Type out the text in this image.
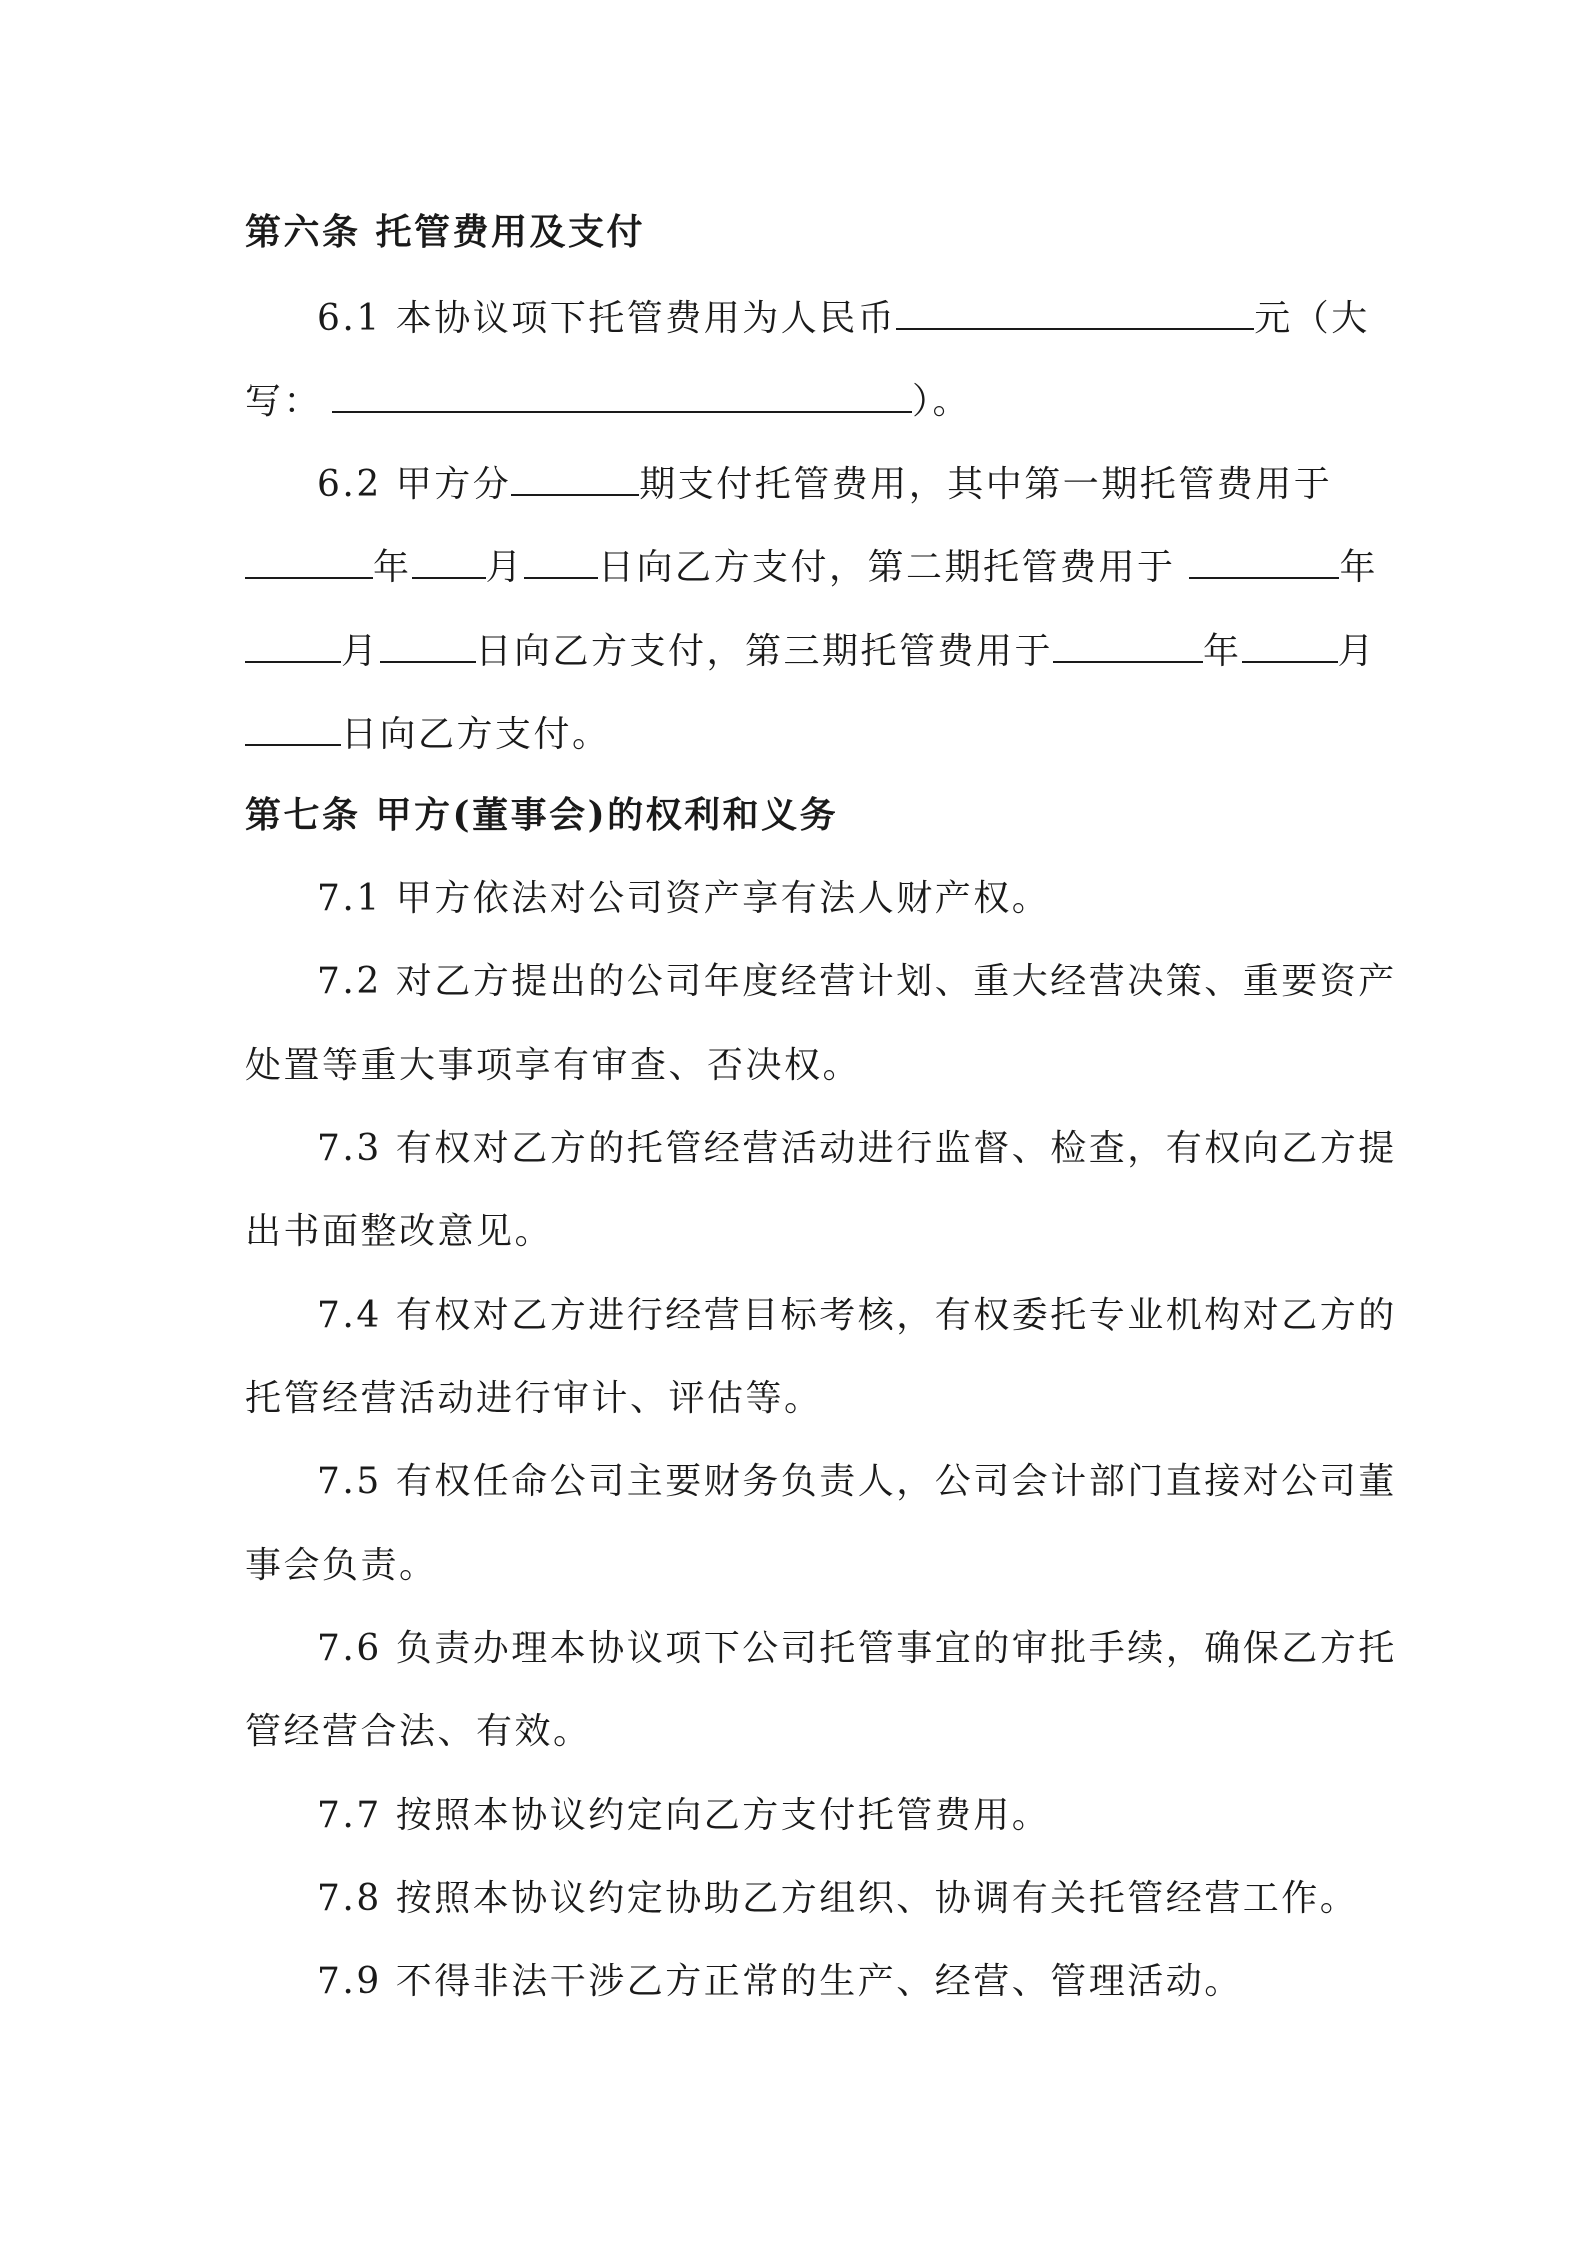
第六条 托管费用及支付
6.1 本协议项下托管费用为人民币	元（大
写：	）。
6.2 甲方分	期支付托管费用，其中第一期托管费用于
年 月 日向乙方支付，第二期托管费用于	年
月	日向乙方支付，第三期托管费用于	年	月
日向乙方支付。
第七条 甲方(董事会)的权利和义务
7.1 甲方依法对公司资产享有法人财产权。
7.2 对乙方提出的公司年度经营计划、重大经营决策、重要资产
处置等重大事项享有审查、否决权。
7.3 有权对乙方的托管经营活动进行监督、检查，有权向乙方提
出书面整改意见。
7.4 有权对乙方进行经营目标考核，有权委托专业机构对乙方的
托管经营活动进行审计、评估等。
7.5 有权任命公司主要财务负责人，公司会计部门直接对公司董
事会负责。
7.6 负责办理本协议项下公司托管事宜的审批手续，确保乙方托
管经营合法、有效。
7.7 按照本协议约定向乙方支付托管费用。
7.8 按照本协议约定协助乙方组织、协调有关托管经营工作。
7.9 不得非法干涉乙方正常的生产、经营、管理活动。
